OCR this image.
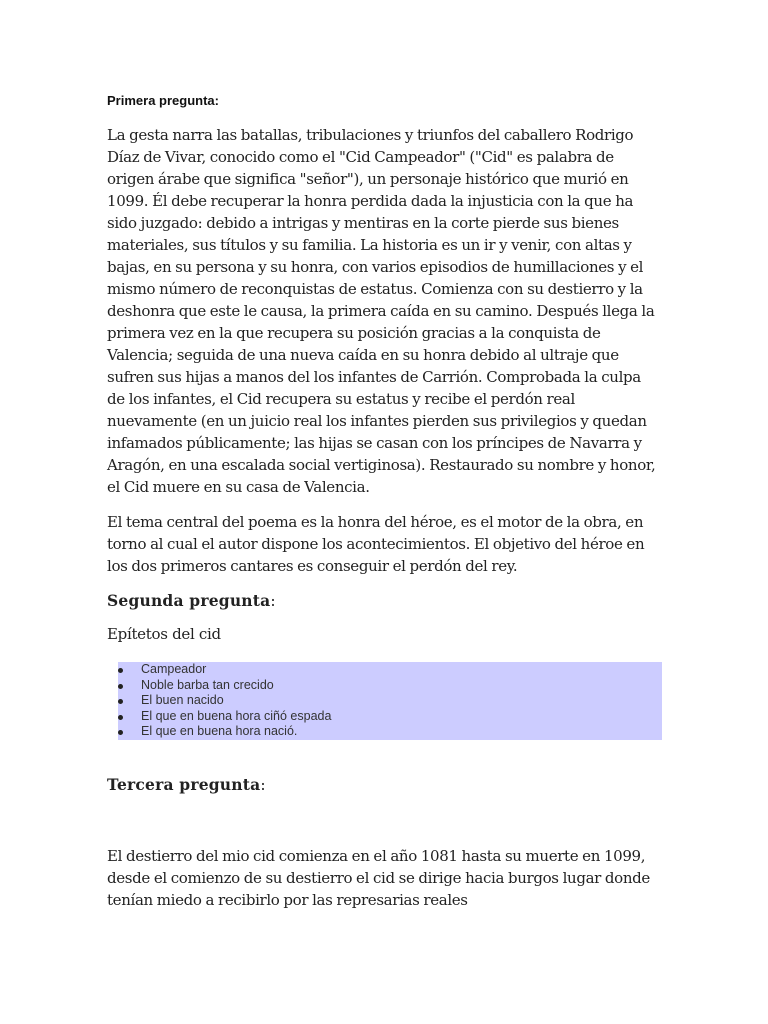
Primera pregunta:
La gesta narra las batallas, tribulaciones y triunfos del caballero Rodrigo Díaz de Vivar, conocido como el "Cid Campeador" ("Cid" es palabra de origen árabe que significa "señor"), un personaje histórico que murió en 1099. Él debe recuperar la honra perdida dada la injusticia con la que ha sido juzgado: debido a intrigas y mentiras en la corte pierde sus bienes materiales, sus títulos y su familia. La historia es un ir y venir, con altas y bajas, en su persona y su honra, con varios episodios de humillaciones y el mismo número de reconquistas de estatus. Comienza con su destierro y la deshonra que este le causa, la primera caída en su camino. Después llega la primera vez en la que recupera su posición gracias a la conquista de Valencia; seguida de una nueva caída en su honra debido al ultraje que sufren sus hijas a manos del los infantes de Carrión. Comprobada la culpa de los infantes, el Cid recupera su estatus y recibe el perdón real nuevamente (en un juicio real los infantes pierden sus privilegios y quedan infamados públicamente; las hijas se casan con los príncipes de Navarra y Aragón, en una escalada social vertiginosa). Restaurado su nombre y honor, el Cid muere en su casa de Valencia.
El tema central del poema es la honra del héroe, es el motor de la obra, en torno al cual el autor dispone los acontecimientos. El objetivo del héroe en los dos primeros cantares es conseguir el perdón del rey.
Segunda pregunta:
Epítetos del cid
Campeador
Noble barba tan crecido
El buen nacido
El que en buena hora ciñó espada
El que en buena hora nació.
Tercera pregunta:
El destierro del mio cid comienza en el año 1081 hasta su muerte en 1099, desde el comienzo de su destierro el cid se dirige hacia burgos lugar donde tenían miedo a recibirlo por las represarias reales
